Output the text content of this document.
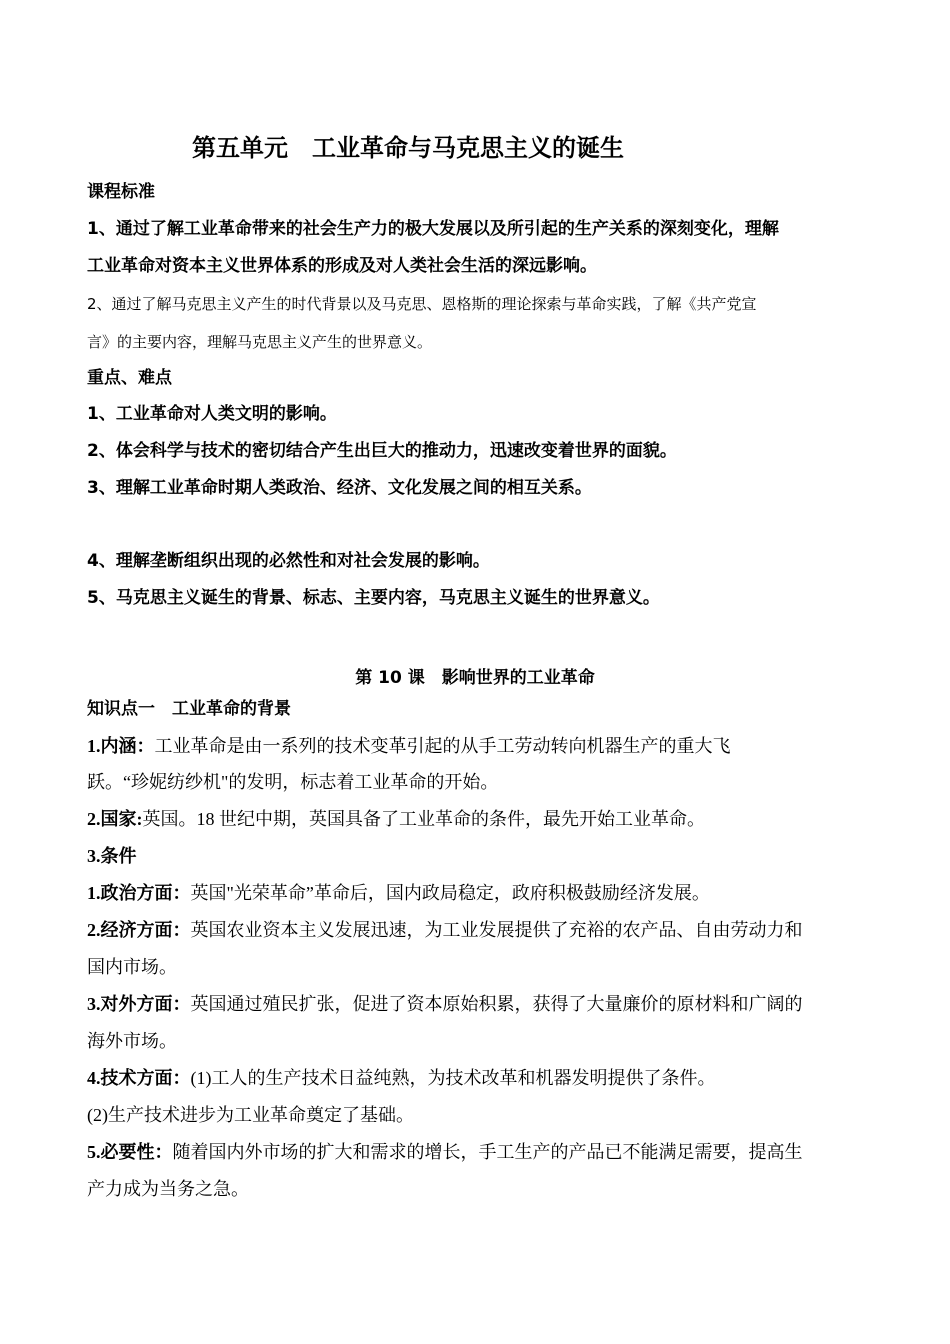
第五单元　工业革命与马克思主义的诞生
课程标准
1、通过了解工业革命带来的社会生产力的极大发展以及所引起的生产关系的深刻变化，理解
工业革命对资本主义世界体系的形成及对人类社会生活的深远影响。
2、通过了解马克思主义产生的时代背景以及马克思、恩格斯的理论探索与革命实践，了解《共产党宣
言》的主要内容，理解马克思主义产生的世界意义。
重点、难点
1、工业革命对人类文明的影响。
2、体会科学与技术的密切结合产生出巨大的推动力，迅速改变着世界的面貌。
3、理解工业革命时期人类政治、经济、文化发展之间的相互关系。
4、理解垄断组织出现的必然性和对社会发展的影响。
5、马克思主义诞生的背景、标志、主要内容，马克思主义诞生的世界意义。
第 10 课　影响世界的工业革命
知识点一　工业革命的背景
1.内涵：工业革命是由一系列的技术变革引起的从手工劳动转向机器生产的重大飞
跃。“珍妮纺纱机"的发明，标志着工业革命的开始。
2.国家:英国。18 世纪中期，英国具备了工业革命的条件，最先开始工业革命。
3.条件
1.政治方面：英国"光荣革命”革命后，国内政局稳定，政府积极鼓励经济发展。
2.经济方面：英国农业资本主义发展迅速，为工业发展提供了充裕的农产品、自由劳动力和
国内市场。
3.对外方面：英国通过殖民扩张，促进了资本原始积累，获得了大量廉价的原材料和广阔的
海外市场。
4.技术方面：(1)工人的生产技术日益纯熟，为技术改革和机器发明提供了条件。
(2)生产技术进步为工业革命奠定了基础。
5.必要性：随着国内外市场的扩大和需求的增长，手工生产的产品已不能满足需要，提高生
产力成为当务之急。
